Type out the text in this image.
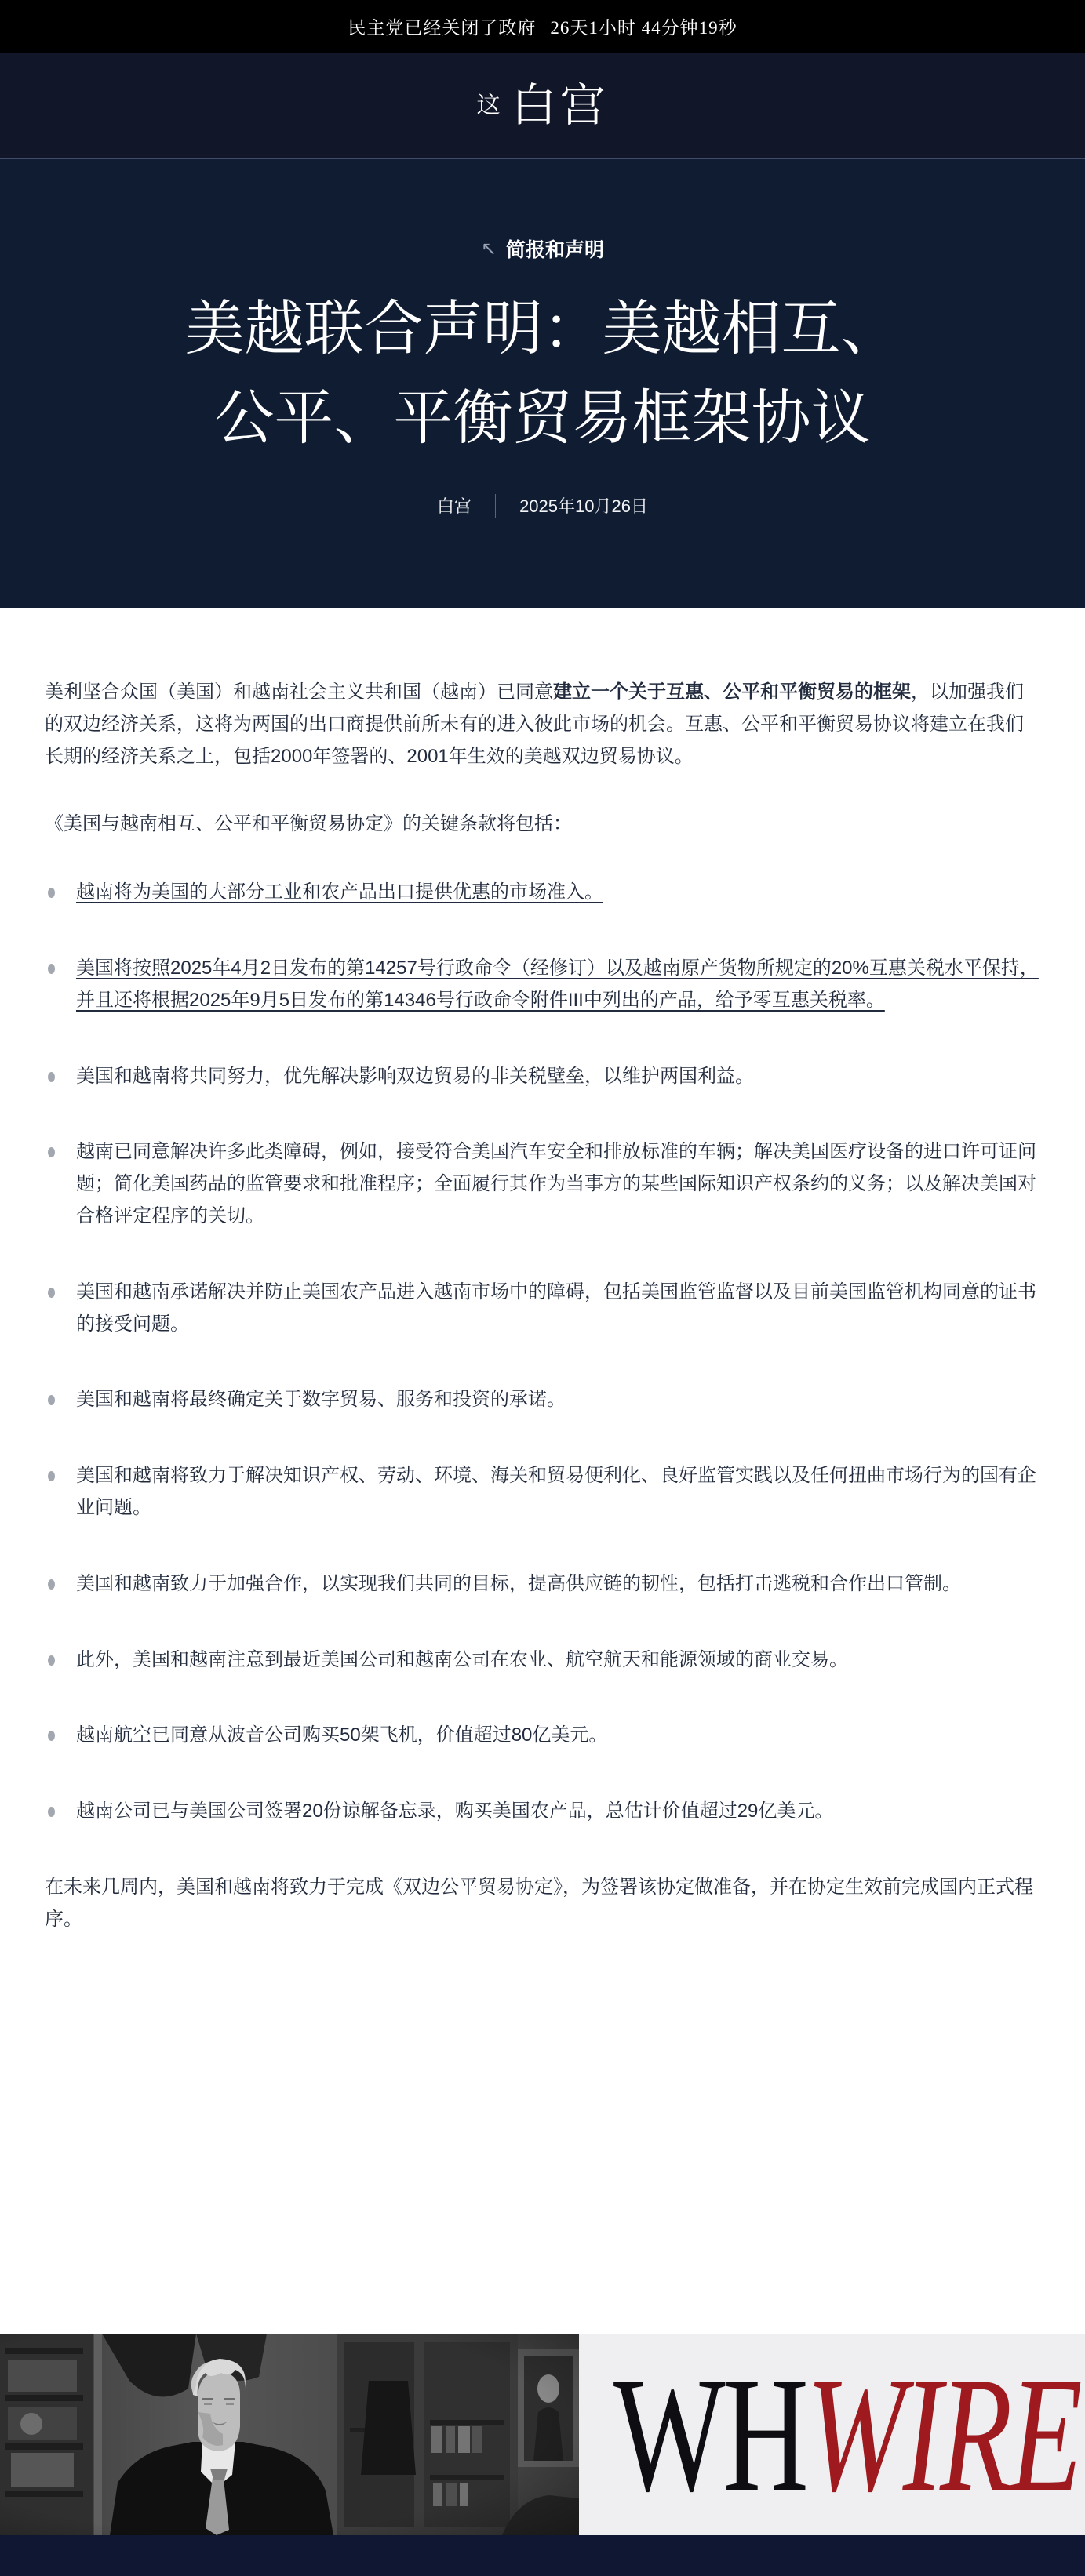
民主党已经关闭了政府 26天1小时 44分钟19秒
这 白宫
↖ 简报和声明
美越联合声明：美越相互、
公平、平衡贸易框架协议
白宫	2025年10月26日

美利坚合众国（美国）和越南社会主义共和国（越南）已同意建立一个关于互惠、公平和平衡贸易的框架，以加强我们的双边经济关系，这将为两国的出口商提供前所未有的进入彼此市场的机会。互惠、公平和平衡贸易协议将建立在我们长期的经济关系之上，包括2000年签署的、2001年生效的美越双边贸易协议。

《美国与越南相互、公平和平衡贸易协定》的关键条款将包括：

越南将为美国的大部分工业和农产品出口提供优惠的市场准入。
美国将按照2025年4月2日发布的第14257号行政命令（经修订）以及越南原产货物所规定的20%互惠关税水平保持，并且还将根据2025年9月5日发布的第14346号行政命令附件III中列出的产品，给予零互惠关税率。
美国和越南将共同努力，优先解决影响双边贸易的非关税壁垒，以维护两国利益。
越南已同意解决许多此类障碍，例如，接受符合美国汽车安全和排放标准的车辆；解决美国医疗设备的进口许可证问题；简化美国药品的监管要求和批准程序；全面履行其作为当事方的某些国际知识产权条约的义务；以及解决美国对合格评定程序的关切。
美国和越南承诺解决并防止美国农产品进入越南市场中的障碍，包括美国监管监督以及目前美国监管机构同意的证书的接受问题。
美国和越南将最终确定关于数字贸易、服务和投资的承诺。
美国和越南将致力于解决知识产权、劳动、环境、海关和贸易便利化、良好监管实践以及任何扭曲市场行为的国有企业问题。
美国和越南致力于加强合作，以实现我们共同的目标，提高供应链的韧性，包括打击逃税和合作出口管制。
此外，美国和越南注意到最近美国公司和越南公司在农业、航空航天和能源领域的商业交易。
越南航空已同意从波音公司购买50架飞机，价值超过80亿美元。
越南公司已与美国公司签署20份谅解备忘录，购买美国农产品，总估计价值超过29亿美元。

在未来几周内，美国和越南将致力于完成《双边公平贸易协定》，为签署该协定做准备，并在协定生效前完成国内正式程序。

WHWIRE
